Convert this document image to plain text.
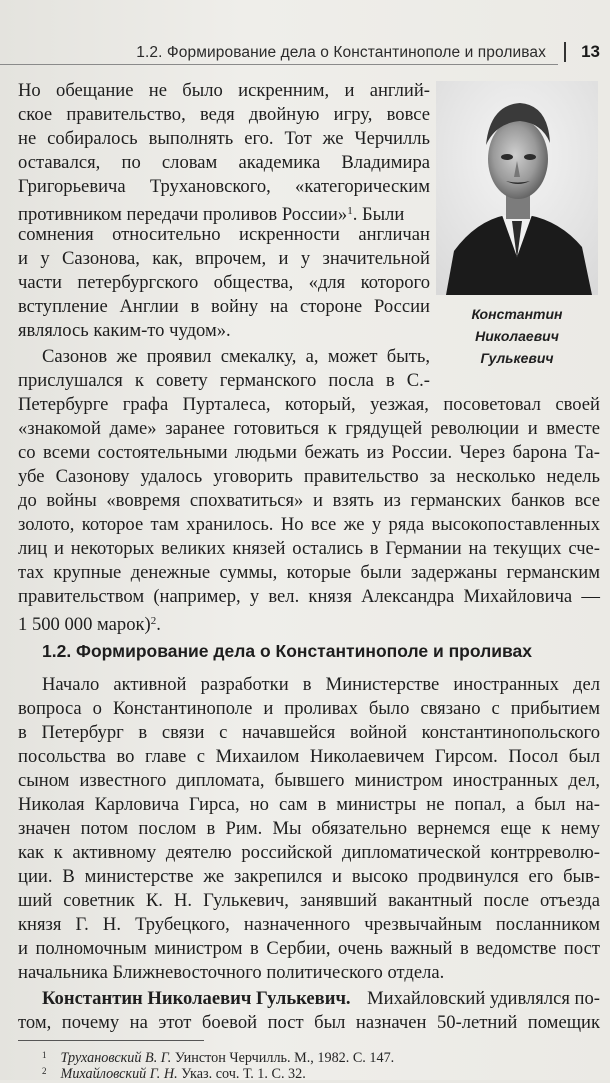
1.2. Формирование дела о Константинополе и проливах 13
Константин
Николаевич
Гулькевич
Но обещание не было искренним, и англий-
ское правительство, ведя двойную игру, вовсе
не собиралось выполнять его. Тот же Черчилль
оставался, по словам академика Владимира
Григорьевича Трухановского, «категорическим
противником передачи проливов России»$^1$. Были
сомнения относительно искренности англичан
и у Сазонова, как, впрочем, и у значительной
части петербургского общества, «для которого
вступление Англии в войну на стороне России
являлось каким-то чудом».
Сазонов же проявил смекалку, а, может быть,
прислушался к совету германского посла в С.-
Петербурге графа Пурталеса, который, уезжая, посоветовал своей
«знакомой даме» заранее готовиться к грядущей революции и вместе
со всеми состоятельными людьми бежать из России. Через барона Та-
убе Сазонову удалось уговорить правительство за несколько недель
до войны «вовремя спохватиться» и взять из германских банков все
золото, которое там хранилось. Но все же у ряда высокопоставленных
лиц и некоторых великих князей остались в Германии на текущих сче-
тах крупные денежные суммы, которые были задержаны германским
правительством (например, у вел. князя Александра Михайловича —
1 500 000 марок)$^2$.
1.2. Формирование дела о Константинополе и проливах
Начало активной разработки в Министерстве иностранных дел
вопроса о Константинополе и проливах было связано с прибытием
в Петербург в связи с начавшейся войной константинопольского
посольства во главе с Михаилом Николаевичем Гирсом. Посол был
сыном известного дипломата, бывшего министром иностранных дел,
Николая Карловича Гирса, но сам в министры не попал, а был на-
значен потом послом в Рим. Мы обязательно вернемся еще к нему
как к активному деятелю российской дипломатической контрреволю-
ции. В министерстве же закрепился и высоко продвинулся его быв-
ший советник К. Н. Гулькевич, занявший вакантный после отъезда
князя Г. Н. Трубецкого, назначенного чрезвычайным посланником
и полномочным министром в Сербии, очень важный в ведомстве пост
начальника Ближневосточного политического отдела.
Константин Николаевич Гулькевич. Михайловский удивлялся по-
том, почему на этот боевой пост был назначен 50-летний помещик
$^1$ Трухановский В. Г. Уинстон Черчилль. М., 1982. С. 147.
$^2$ Михайловский Г. Н. Указ. соч. Т. 1. С. 32.
